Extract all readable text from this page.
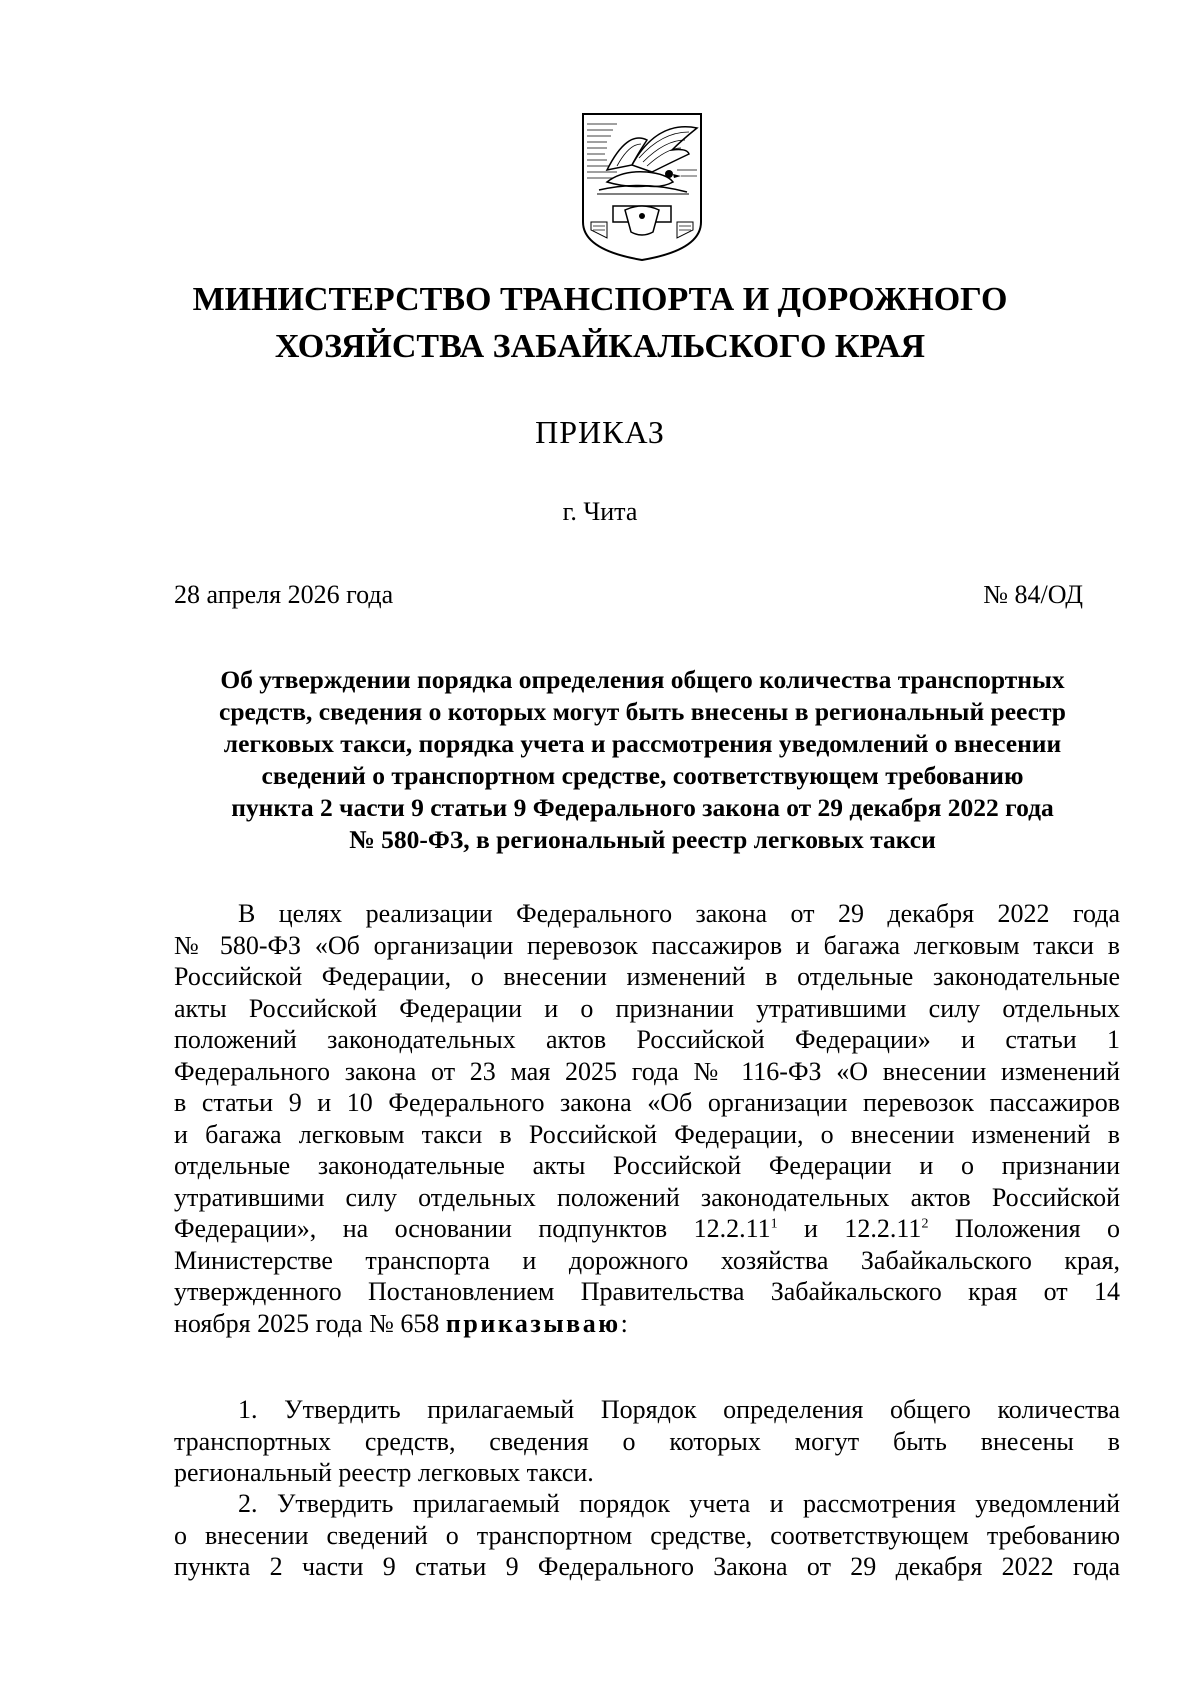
МИНИСТЕРСТВО ТРАНСПОРТА И ДОРОЖНОГО
ХОЗЯЙСТВА ЗАБАЙКАЛЬСКОГО КРАЯ
ПРИКАЗ
г. Чита
28 апреля 2026 года	№ 84/ОД
Об утверждении порядка определения общего количества транспортных
средств, сведения о которых могут быть внесены в региональный реестр
легковых такси, порядка учета и рассмотрения уведомлений о внесении
сведений о транспортном средстве, соответствующем требованию
пункта 2 части 9 статьи 9 Федерального закона от 29 декабря 2022 года
№ 580-ФЗ, в региональный реестр легковых такси
В целях реализации Федерального закона от 29 декабря 2022 года
№ 580-ФЗ «Об организации перевозок пассажиров и багажа легковым такси в
Российской Федерации, о внесении изменений в отдельные законодательные
акты Российской Федерации и о признании утратившими силу отдельных
положений законодательных актов Российской Федерации» и статьи 1
Федерального закона от 23 мая 2025 года № 116-ФЗ «О внесении изменений
в статьи 9 и 10 Федерального закона «Об организации перевозок пассажиров
и багажа легковым такси в Российской Федерации, о внесении изменений в
отдельные законодательные акты Российской Федерации и о признании
утратившими силу отдельных положений законодательных актов Российской
Федерации», на основании подпунктов 12.2.11$^1$ и 12.2.11$^2$ Положения о
Министерстве транспорта и дорожного хозяйства Забайкальского края,
утвержденного Постановлением Правительства Забайкальского края от 14
ноября 2025 года № 658 приказываю:
1. Утвердить прилагаемый Порядок определения общего количества
транспортных средств, сведения о которых могут быть внесены в
региональный реестр легковых такси.
2. Утвердить прилагаемый порядок учета и рассмотрения уведомлений
о внесении сведений о транспортном средстве, соответствующем требованию
пункта 2 части 9 статьи 9 Федерального Закона от 29 декабря 2022 года
